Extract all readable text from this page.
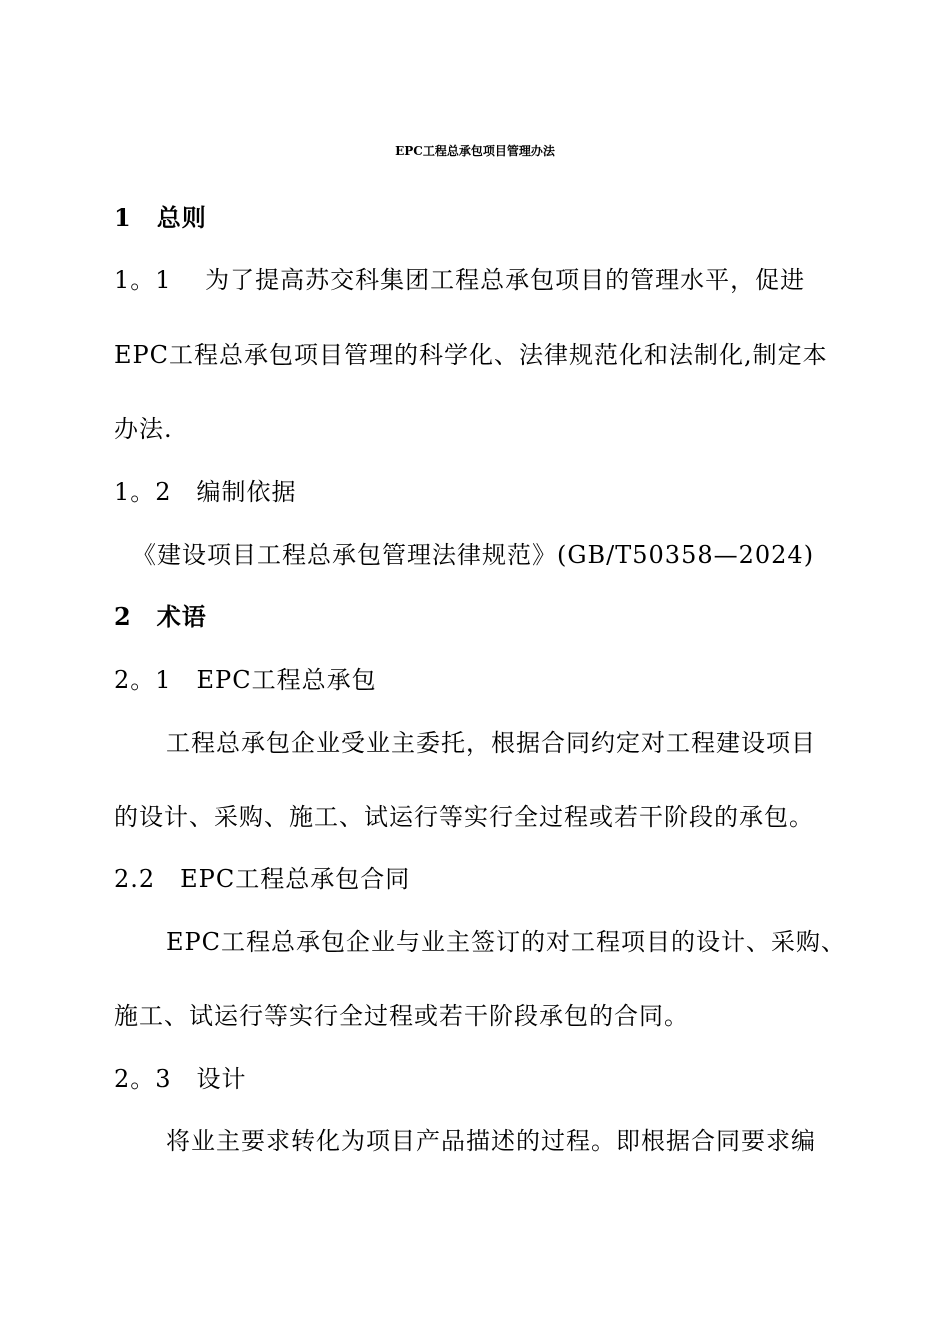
EPC工程总承包项目管理办法
1　总则
1。1　 为了提高苏交科集团工程总承包项目的管理水平，促进
EPC工程总承包项目管理的科学化、法律规范化和法制化,制定本
办法.
1。2　编制依据
《建设项目工程总承包管理法律规范》(GB/T50358—2024)
2　术语
2。1　EPC工程总承包
工程总承包企业受业主委托，根据合同约定对工程建设项目
的设计、采购、施工、试运行等实行全过程或若干阶段的承包。
2.2　EPC工程总承包合同
EPC工程总承包企业与业主签订的对工程项目的设计、采购、
施工、试运行等实行全过程或若干阶段承包的合同。
2。3　设计
将业主要求转化为项目产品描述的过程。即根据合同要求编
